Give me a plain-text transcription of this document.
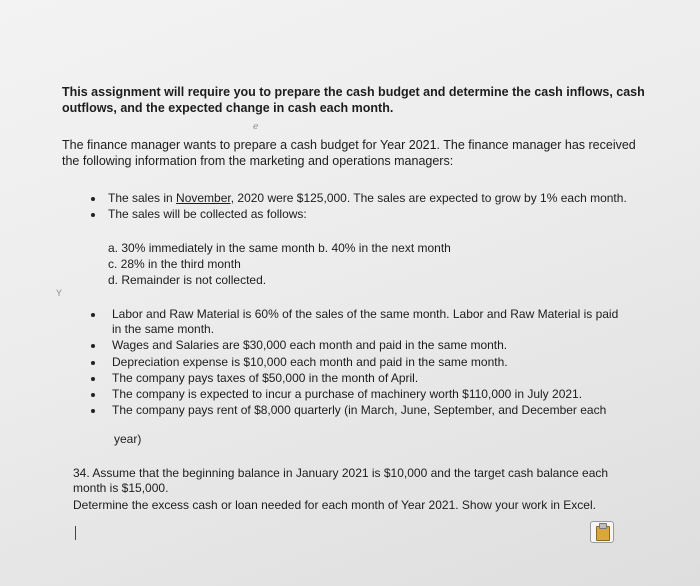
This assignment will require you to prepare the cash budget and determine the cash inflows, cash

outflows, and the expected change in cash each month.

ℯ

The finance manager wants to prepare a cash budget for Year 2021. The finance manager has received

the following information from the marketing and operations managers:

The sales in November, 2020 were $125,000. The sales are expected to grow by 1% each month.

The sales will be collected as follows:

a. 30% immediately in the same month b. 40% in the next month

c. 28% in the third month

d. Remainder is not collected.

Y

Labor and Raw Material is 60% of the sales of the same month. Labor and Raw Material is paid

in the same month.

Wages and Salaries are $30,000 each month and paid in the same month.

Depreciation expense is $10,000 each month and paid in the same month.

The company pays taxes of $50,000 in the month of April.

The company is expected to incur a purchase of machinery worth $110,000 in July 2021.

The company pays rent of $8,000 quarterly (in March, June, September, and December each

year)

34. Assume that the beginning balance in January 2021 is $10,000 and the target cash balance each

month is $15,000.

Determine the excess cash or loan needed for each month of Year 2021. Show your work in Excel.
